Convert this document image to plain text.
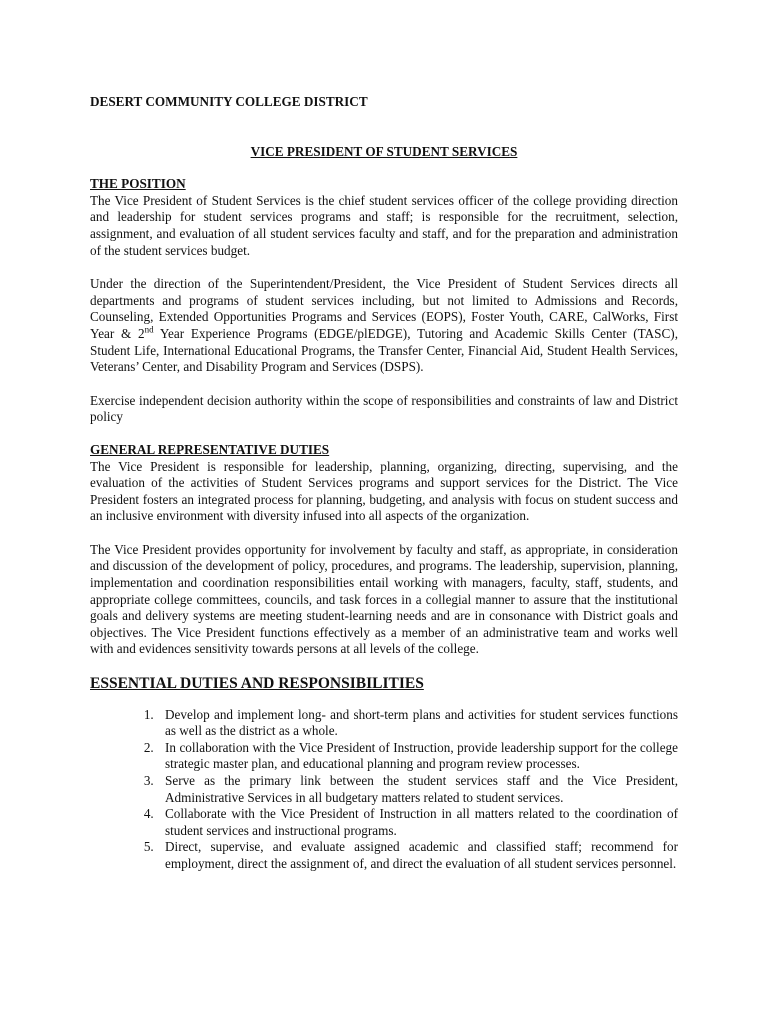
DESERT COMMUNITY COLLEGE DISTRICT

VICE PRESIDENT OF STUDENT SERVICES

THE POSITION

The Vice President of Student Services is the chief student services officer of the college providing direction and leadership for student services programs and staff; is responsible for the recruitment, selection, assignment, and evaluation of all student services faculty and staff, and for the preparation and administration of the student services budget.

Under the direction of the Superintendent/President, the Vice President of Student Services directs all departments and programs of student services including, but not limited to Admissions and Records, Counseling, Extended Opportunities Programs and Services (EOPS), Foster Youth, CARE, CalWorks, First Year & 2nd Year Experience Programs (EDGE/plEDGE), Tutoring and Academic Skills Center (TASC), Student Life, International Educational Programs, the Transfer Center, Financial Aid, Student Health Services, Veterans’ Center, and Disability Program and Services (DSPS).

Exercise independent decision authority within the scope of responsibilities and constraints of law and District policy

GENERAL REPRESENTATIVE DUTIES

The Vice President is responsible for leadership, planning, organizing, directing, supervising, and the evaluation of the activities of Student Services programs and support services for the District. The Vice President fosters an integrated process for planning, budgeting, and analysis with focus on student success and an inclusive environment with diversity infused into all aspects of the organization.

The Vice President provides opportunity for involvement by faculty and staff, as appropriate, in consideration and discussion of the development of policy, procedures, and programs. The leadership, supervision, planning, implementation and coordination responsibilities entail working with managers, faculty, staff, students, and appropriate college committees, councils, and task forces in a collegial manner to assure that the institutional goals and delivery systems are meeting student-learning needs and are in consonance with District goals and objectives. The Vice President functions effectively as a member of an administrative team and works well with and evidences sensitivity towards persons at all levels of the college.

ESSENTIAL DUTIES AND RESPONSIBILITIES

1. Develop and implement long- and short-term plans and activities for student services functions as well as the district as a whole.
2. In collaboration with the Vice President of Instruction, provide leadership support for the college strategic master plan, and educational planning and program review processes.
3. Serve as the primary link between the student services staff and the Vice President, Administrative Services in all budgetary matters related to student services.
4. Collaborate with the Vice President of Instruction in all matters related to the coordination of student services and instructional programs.
5. Direct, supervise, and evaluate assigned academic and classified staff; recommend for employment, direct the assignment of, and direct the evaluation of all student services personnel.
